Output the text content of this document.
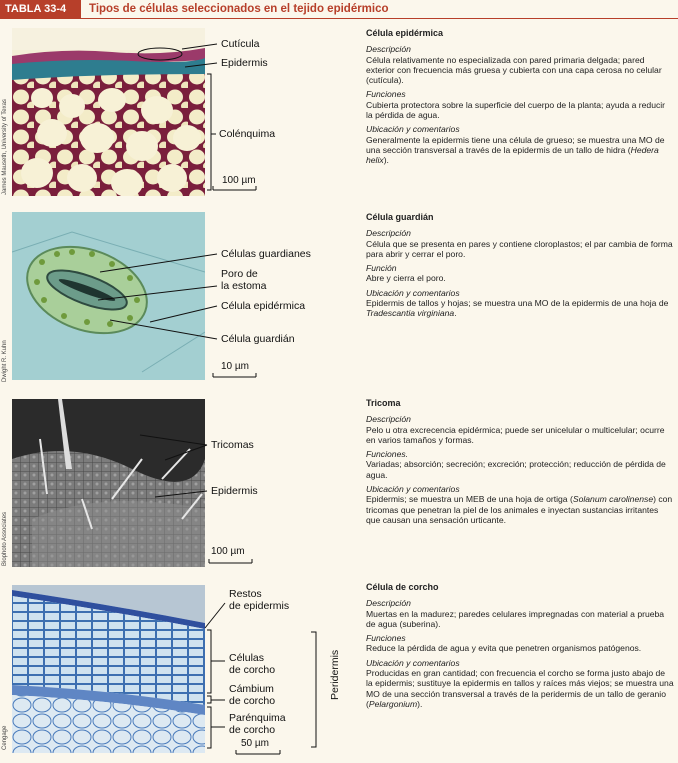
TABLA 33-4	Tipos de células seleccionados en el tejido epidérmico
James Mauseth, University of Texas
Dwight R. Kuhn
Biophoto Associates
Cengage
Cutícula
Epidermis
Colénquima
100 µm
Células guardianes
Poro de
la estoma
Célula epidérmica
Célula guardián
10 µm
Tricomas
Epidermis
100 µm
Restos
de epidermis
Células
de corcho
Cámbium
de corcho
Parénquima
de corcho
Peridermis
50 µm
Célula epidérmica
Descripción
Célula relativamente no especializada con pared primaria delgada; pared exterior con frecuencia más gruesa y cubierta con una capa cerosa no celular (cutícula).
Funciones
Cubierta protectora sobre la superficie del cuerpo de la planta; ayuda a reducir la pérdida de agua.
Ubicación y comentarios
Generalmente la epidermis tiene una célula de grueso; se muestra una MO de una sección transversal a través de la epidermis de un tallo de hidra (Hedera helix).
Célula guardián
Descripción
Célula que se presenta en pares y contiene cloroplastos; el par cambia de forma para abrir y cerrar el poro.
Función
Abre y cierra el poro.
Ubicación y comentarios
Epidermis de tallos y hojas; se muestra una MO de la epidermis de una hoja de Tradescantia virginiana.
Tricoma
Descripción
Pelo u otra excrecencia epidérmica; puede ser unicelular o multicelular; ocurre en varios tamaños y formas.
Funciones.
Variadas; absorción; secreción; excreción; protección; reducción de pérdida de agua.
Ubicación y comentarios
Epidermis; se muestra un MEB de una hoja de ortiga (Solanum carolinense) con tricomas que penetran la piel de los animales e inyectan sustancias irritantes que causan una sensación urticante.
Célula de corcho
Descripción
Muertas en la madurez; paredes celulares impregnadas con material a prueba de agua (suberina).
Funciones
Reduce la pérdida de agua y evita que penetren organismos patógenos.
Ubicación y comentarios
Producidas en gran cantidad; con frecuencia el corcho se forma justo abajo de la epidermis; sustituye la epidermis en tallos y raíces más viejos; se muestra una MO de una sección transversal a través de la peridermis de un tallo de geranio (Pelargonium).
